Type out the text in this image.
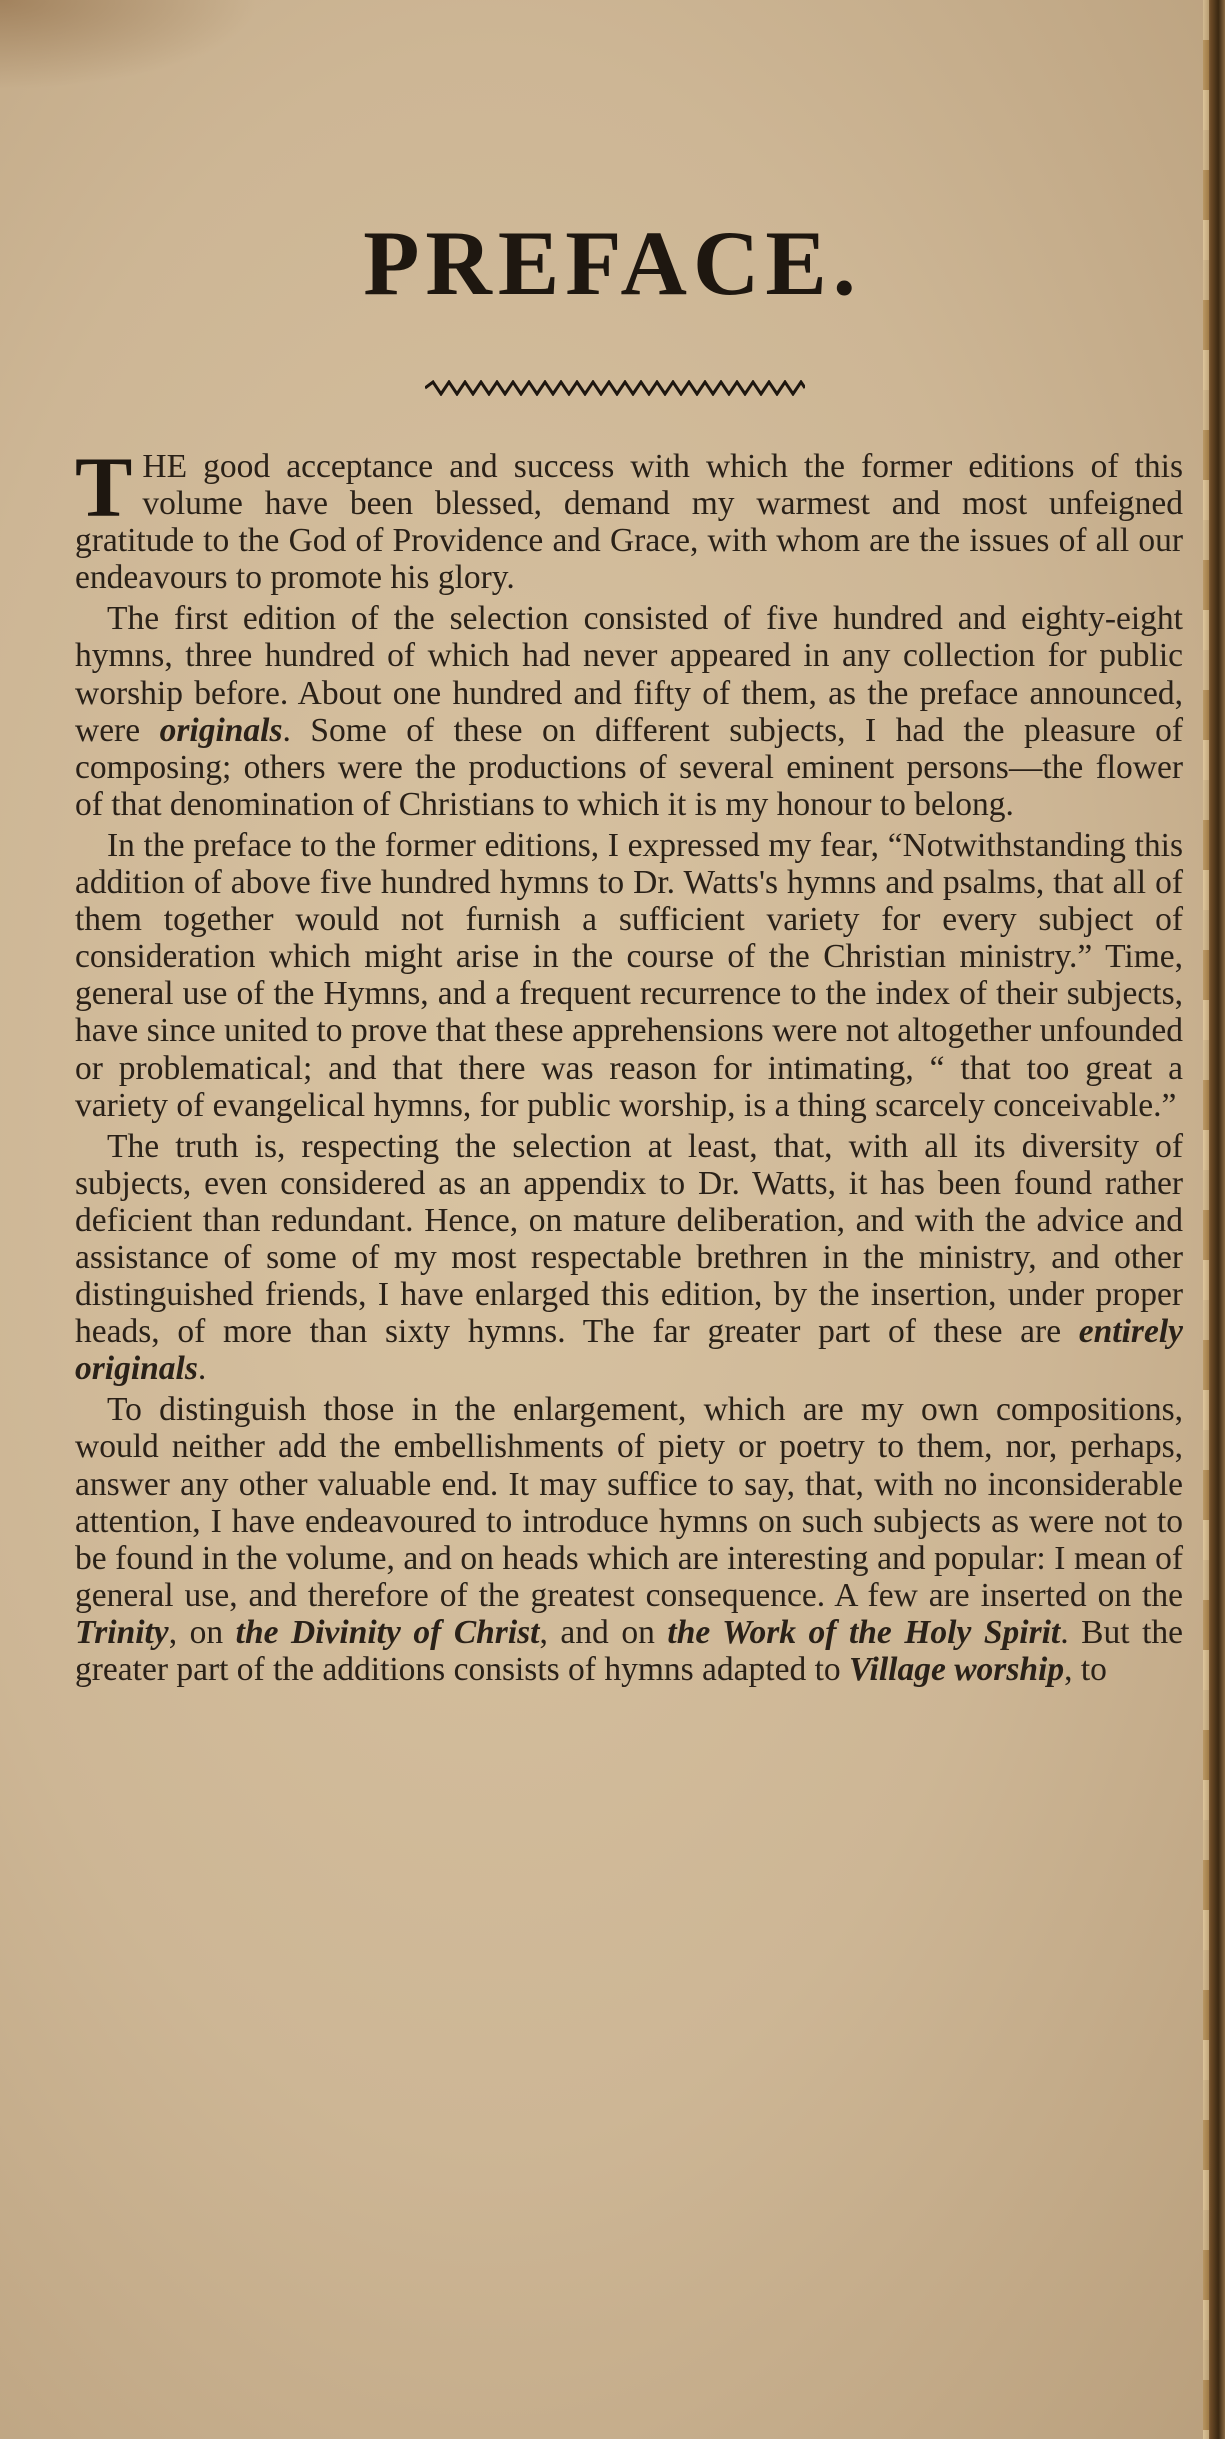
PREFACE.

THE good acceptance and success with which the former editions of this volume have been blessed, demand my warmest and most unfeigned gratitude to the God of Providence and Grace, with whom are the issues of all our endeavours to promote his glory.

The first edition of the selection consisted of five hundred and eighty-eight hymns, three hundred of which had never appeared in any collection for public worship before. About one hundred and fifty of them, as the preface announced, were originals. Some of these on different subjects, I had the pleasure of composing; others were the productions of several eminent persons—the flower of that denomination of Christians to which it is my honour to belong.

In the preface to the former editions, I expressed my fear, “Notwithstanding this addition of above five hundred hymns to Dr. Watts's hymns and psalms, that all of them together would not furnish a sufficient variety for every subject of consideration which might arise in the course of the Christian ministry.” Time, general use of the Hymns, and a frequent recurrence to the index of their subjects, have since united to prove that these apprehensions were not altogether unfounded or problematical; and that there was reason for intimating, “ that too great a variety of evangelical hymns, for public worship, is a thing scarcely conceivable.”

The truth is, respecting the selection at least, that, with all its diversity of subjects, even considered as an appendix to Dr. Watts, it has been found rather deficient than redundant. Hence, on mature deliberation, and with the advice and assistance of some of my most respectable brethren in the ministry, and other distinguished friends, I have enlarged this edition, by the insertion, under proper heads, of more than sixty hymns. The far greater part of these are entirely originals.

To distinguish those in the enlargement, which are my own compositions, would neither add the embellishments of piety or poetry to them, nor, perhaps, answer any other valuable end. It may suffice to say, that, with no inconsiderable attention, I have endeavoured to introduce hymns on such subjects as were not to be found in the volume, and on heads which are interesting and popular: I mean of general use, and therefore of the greatest consequence. A few are inserted on the Trinity, on the Divinity of Christ, and on the Work of the Holy Spirit. But the greater part of the additions consists of hymns adapted to Village worship, to
